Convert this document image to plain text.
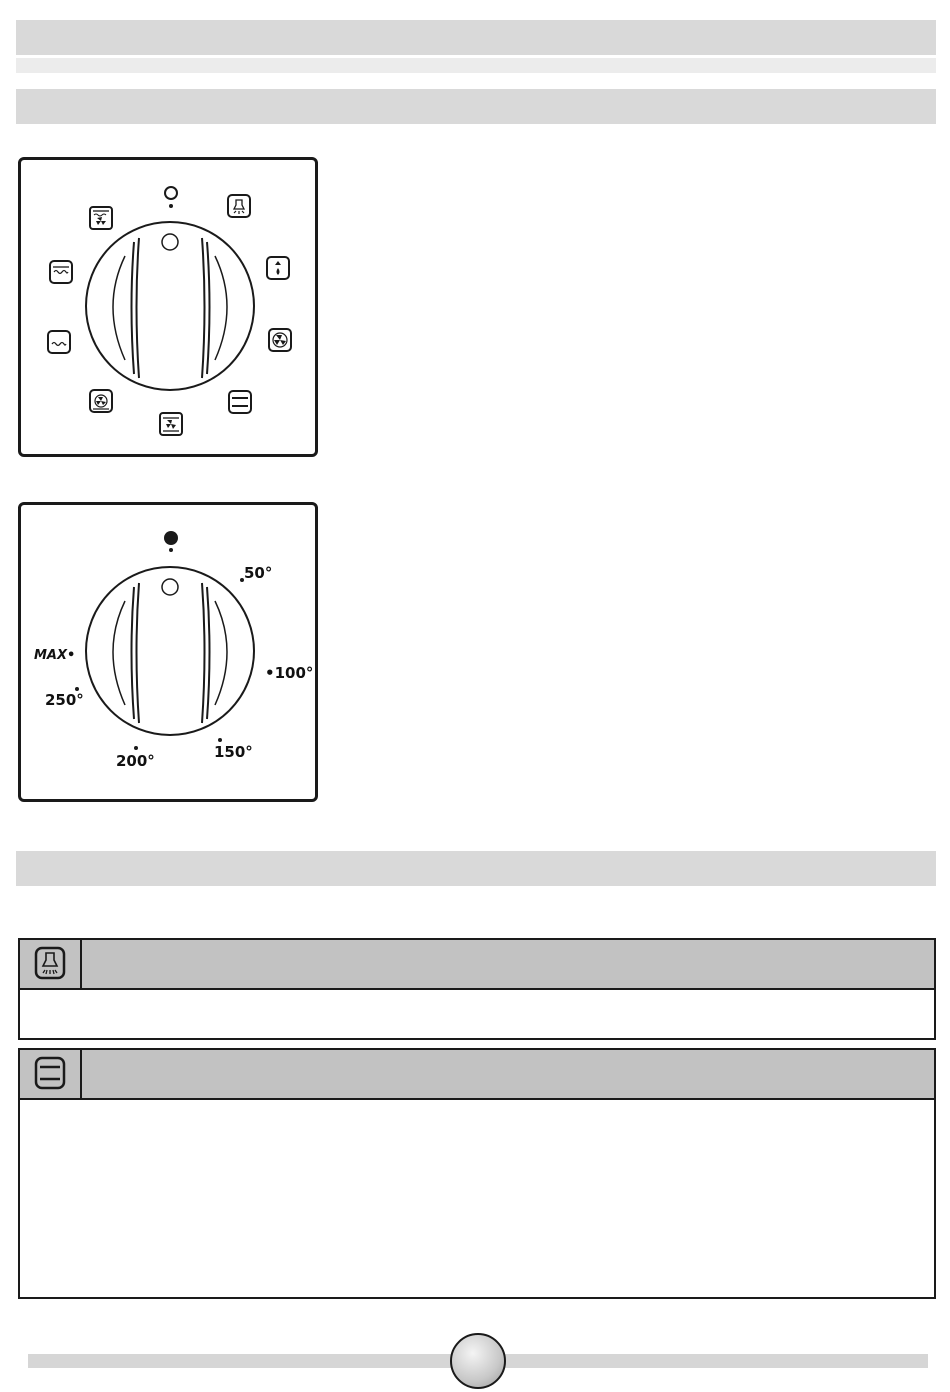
50°
•100°
150°
200°
250°
MAX•
